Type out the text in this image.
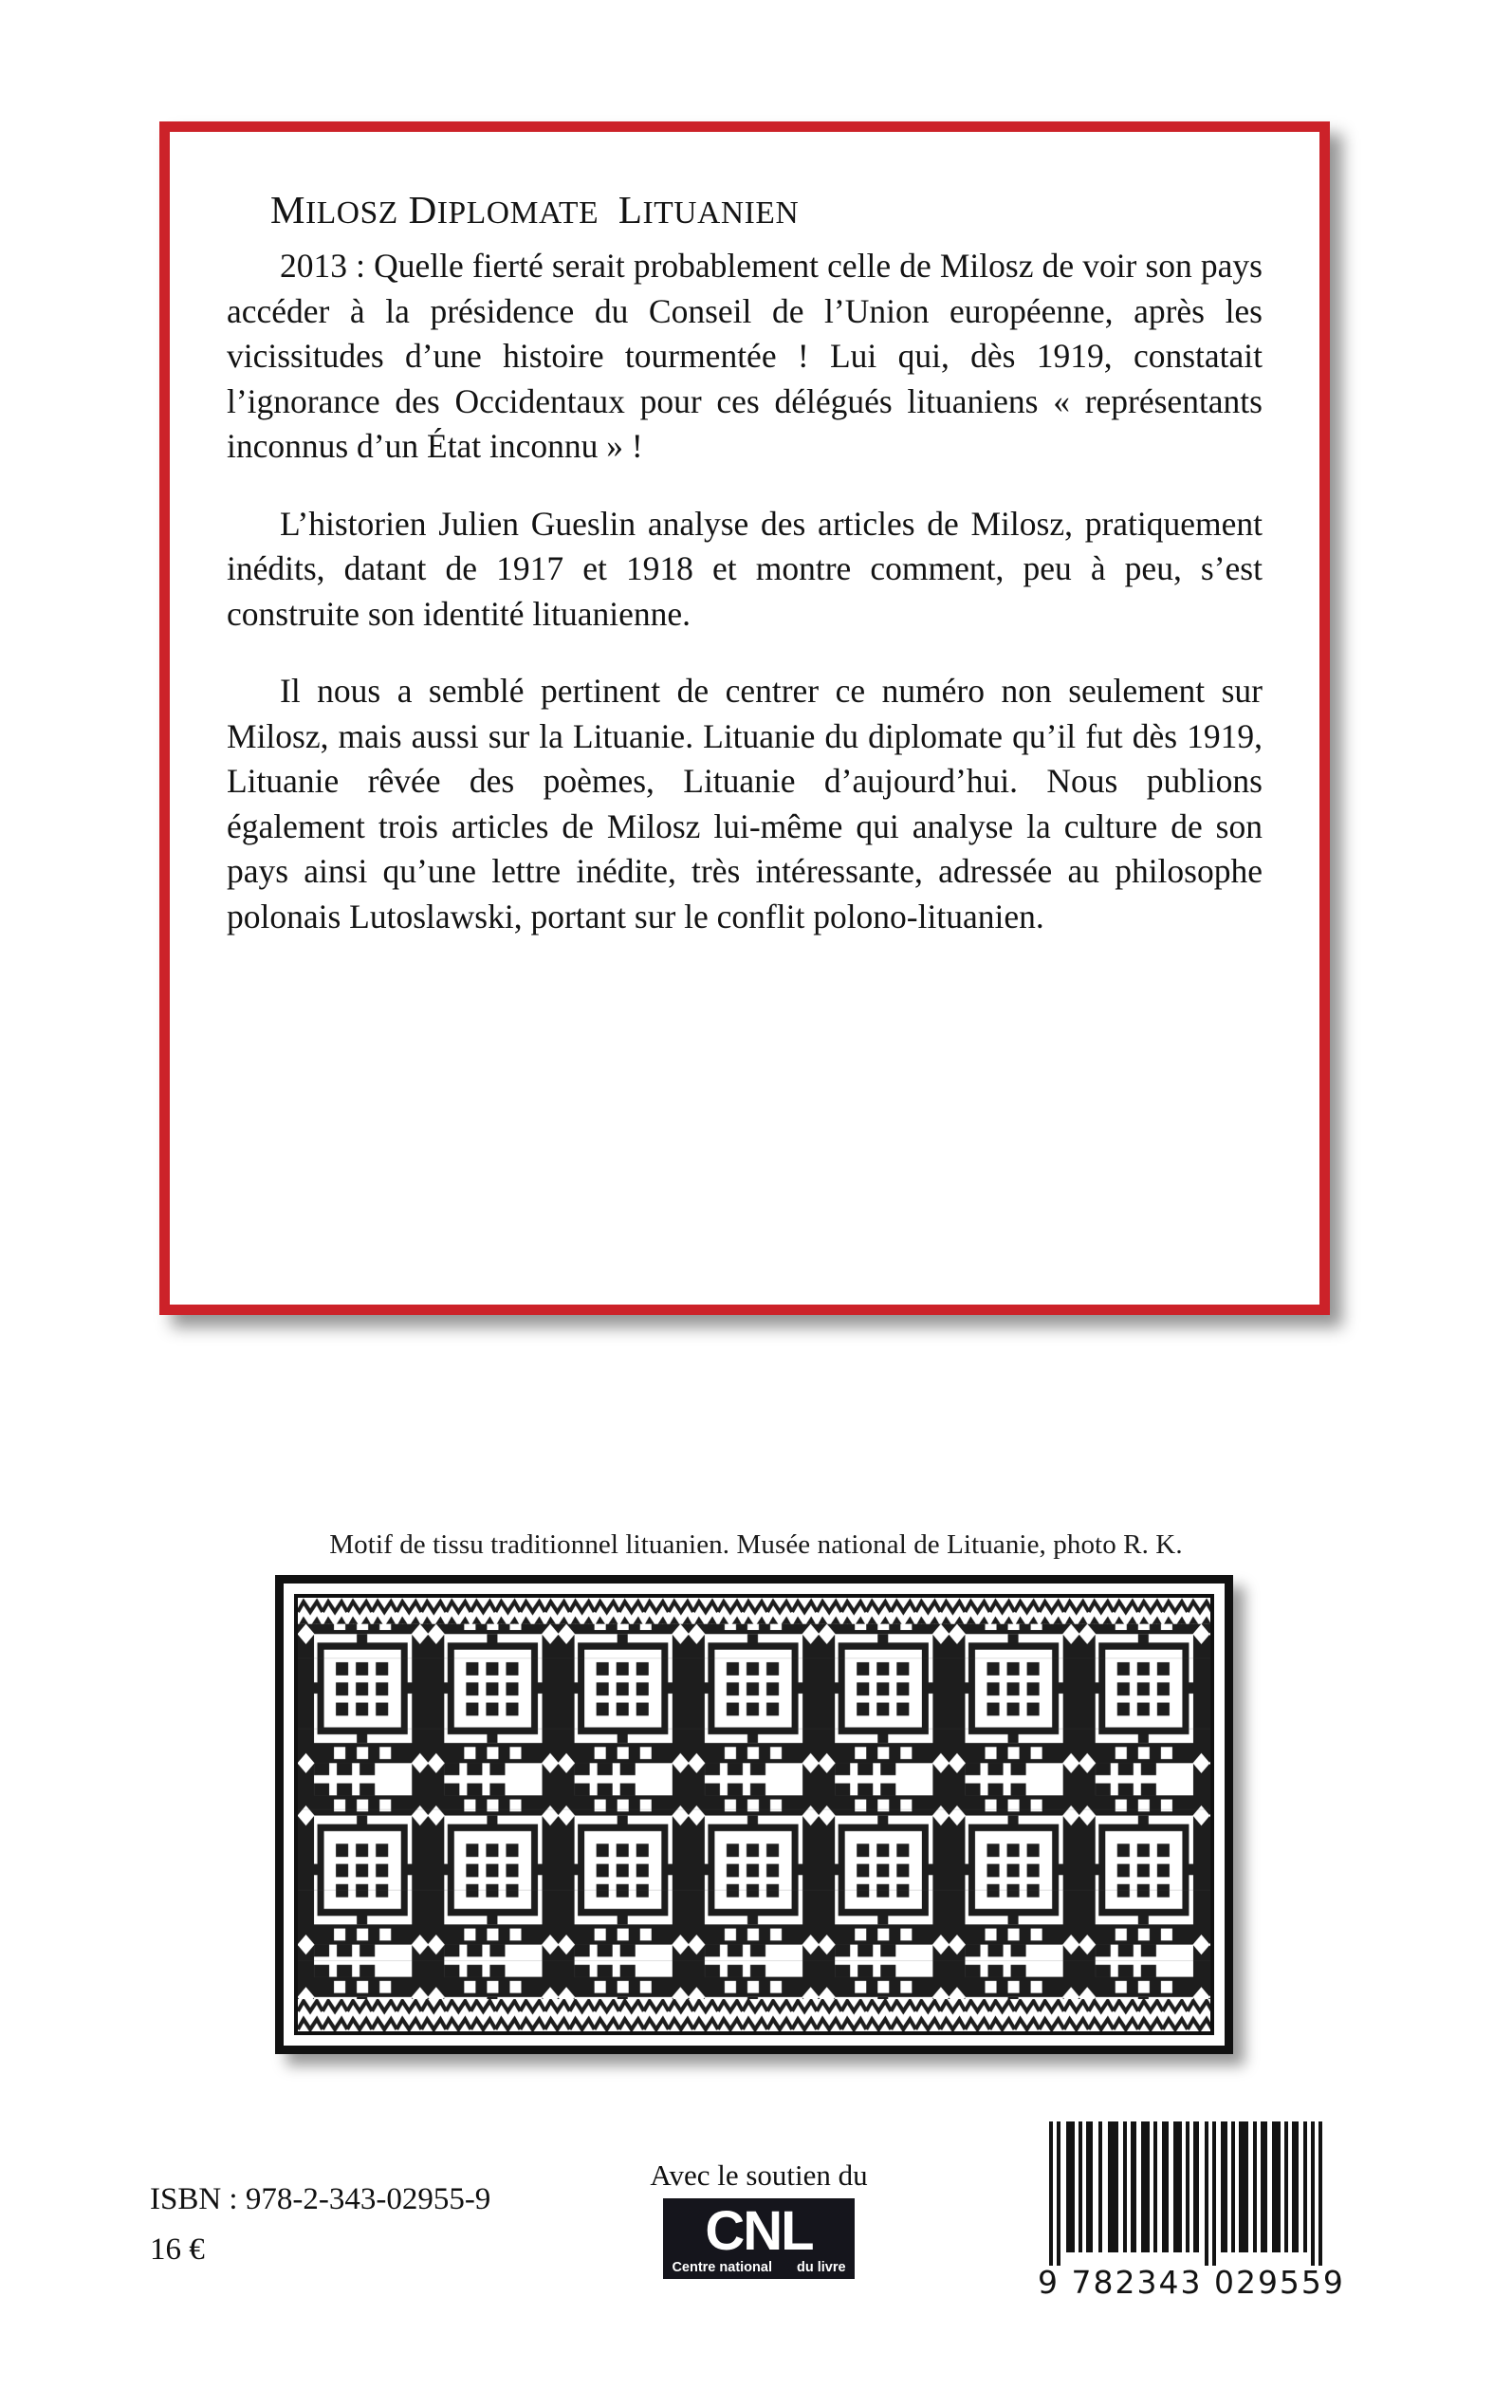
MILOSZ DIPLOMATE LITUANIEN

2013 : Quelle fierté serait probablement celle de Milosz de voir son pays accéder à la présidence du Conseil de l’Union européenne, après les vicissitudes d’une histoire tourmentée ! Lui qui, dès 1919, constatait l’ignorance des Occidentaux pour ces délégués lituaniens « représentants inconnus d’un État inconnu » !

L’historien Julien Gueslin analyse des articles de Milosz, pratiquement inédits, datant de 1917 et 1918 et montre comment, peu à peu, s’est construite son identité lituanienne.

Il nous a semblé pertinent de centrer ce numéro non seulement sur Milosz, mais aussi sur la Lituanie. Lituanie du diplomate qu’il fut dès 1919, Lituanie rêvée des poèmes, Lituanie d’aujourd’hui. Nous publions également trois articles de Milosz lui-même qui analyse la culture de son pays ainsi qu’une lettre inédite, très intéressante, adressée au philosophe polonais Lutoslawski, portant sur le conflit polono-lituanien.

Motif de tissu traditionnel lituanien. Musée national de Lituanie, photo R. K.
ISBN : 978-2-343-02955-9
16 €
Avec le soutien du
CNL
Centre national du livre	9 782343 029559
